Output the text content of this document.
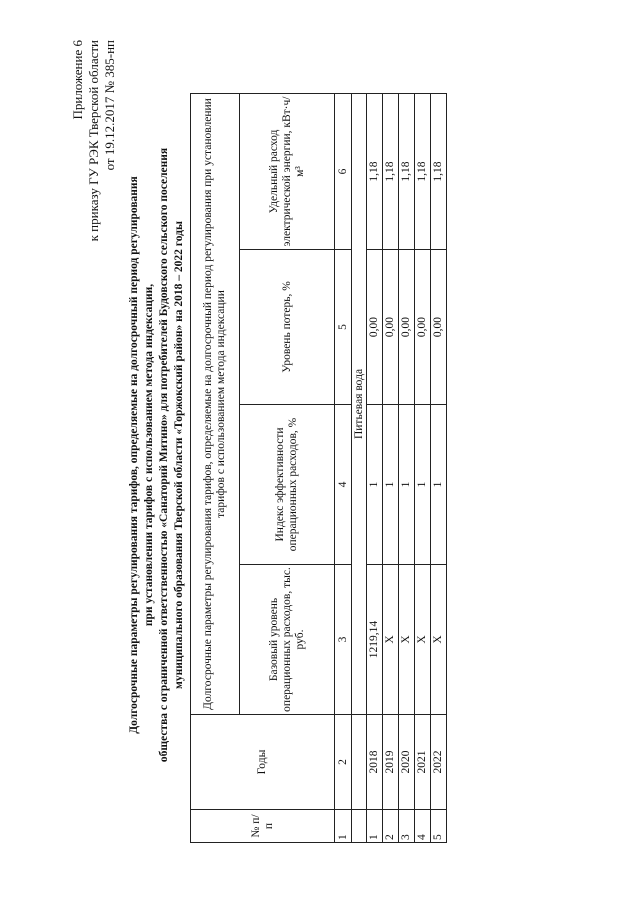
Приложение 6 к приказу ГУ РЭК Тверской области от 19.12.2017 № 385-нп
Долгосрочные параметры регулирования тарифов, определяемые на долгосрочный период регулирования при установлении тарифов с использованием метода индексации, общества с ограниченной ответственностью «Санаторий Митино» для потребителей Будовского сельского поселения муниципального образования Тверской области «Торжокский район» на 2018 – 2022 годы
№ п/п	Годы	Долгосрочные параметры регулирования тарифов, определяемые на долгосрочный период регулирования при установлении тарифов с использованием метода индексации			
		Базовый уровень операционных расходов, тыс. руб.	Индекс эффективности операционных расходов, %	Уровень потерь, %	Удельный расход электрической энергии, кВт·ч/м³
1	2	3	4	5	6
		Питьевая вода			
1	2018	1219,14	1	0,00	1,18
2	2019	X	1	0,00	1,18
3	2020	X	1	0,00	1,18
4	2021	X	1	0,00	1,18
5	2022	X	1	0,00	1,18
